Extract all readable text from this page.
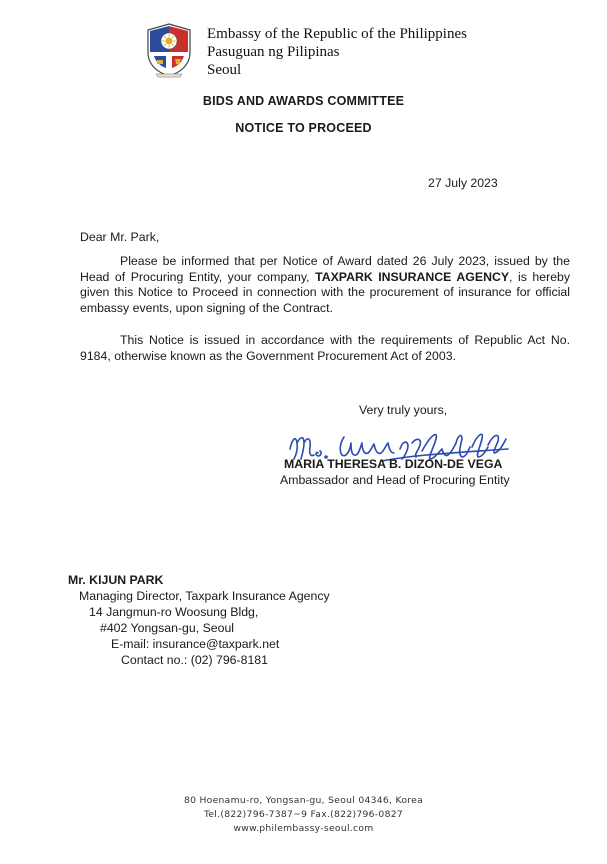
Embassy of the Republic of the Philippines
Pasuguan ng Pilipinas
Seoul
BIDS AND AWARDS COMMITTEE
NOTICE TO PROCEED
27 July 2023
Dear Mr. Park,
Please be informed that per Notice of Award dated 26 July 2023, issued by the Head of Procuring Entity, your company, TAXPARK INSURANCE AGENCY, is hereby given this Notice to Proceed in connection with the procurement of insurance for official embassy events, upon signing of the Contract.
This Notice is issued in accordance with the requirements of Republic Act No. 9184, otherwise known as the Government Procurement Act of 2003.
Very truly yours,
MARIA THERESA B. DIZON-DE VEGA
Ambassador and Head of Procuring Entity
Mr. KIJUN PARK
Managing Director, Taxpark Insurance Agency
14 Jangmun-ro Woosung Bldg,
#402 Yongsan-gu, Seoul
E-mail: insurance@taxpark.net
Contact no.: (02) 796-8181
80 Hoenamu-ro, Yongsan-gu, Seoul 04346, Korea
Tel.(822)796-7387~9 Fax.(822)796-0827
www.philembassy-seoul.com
